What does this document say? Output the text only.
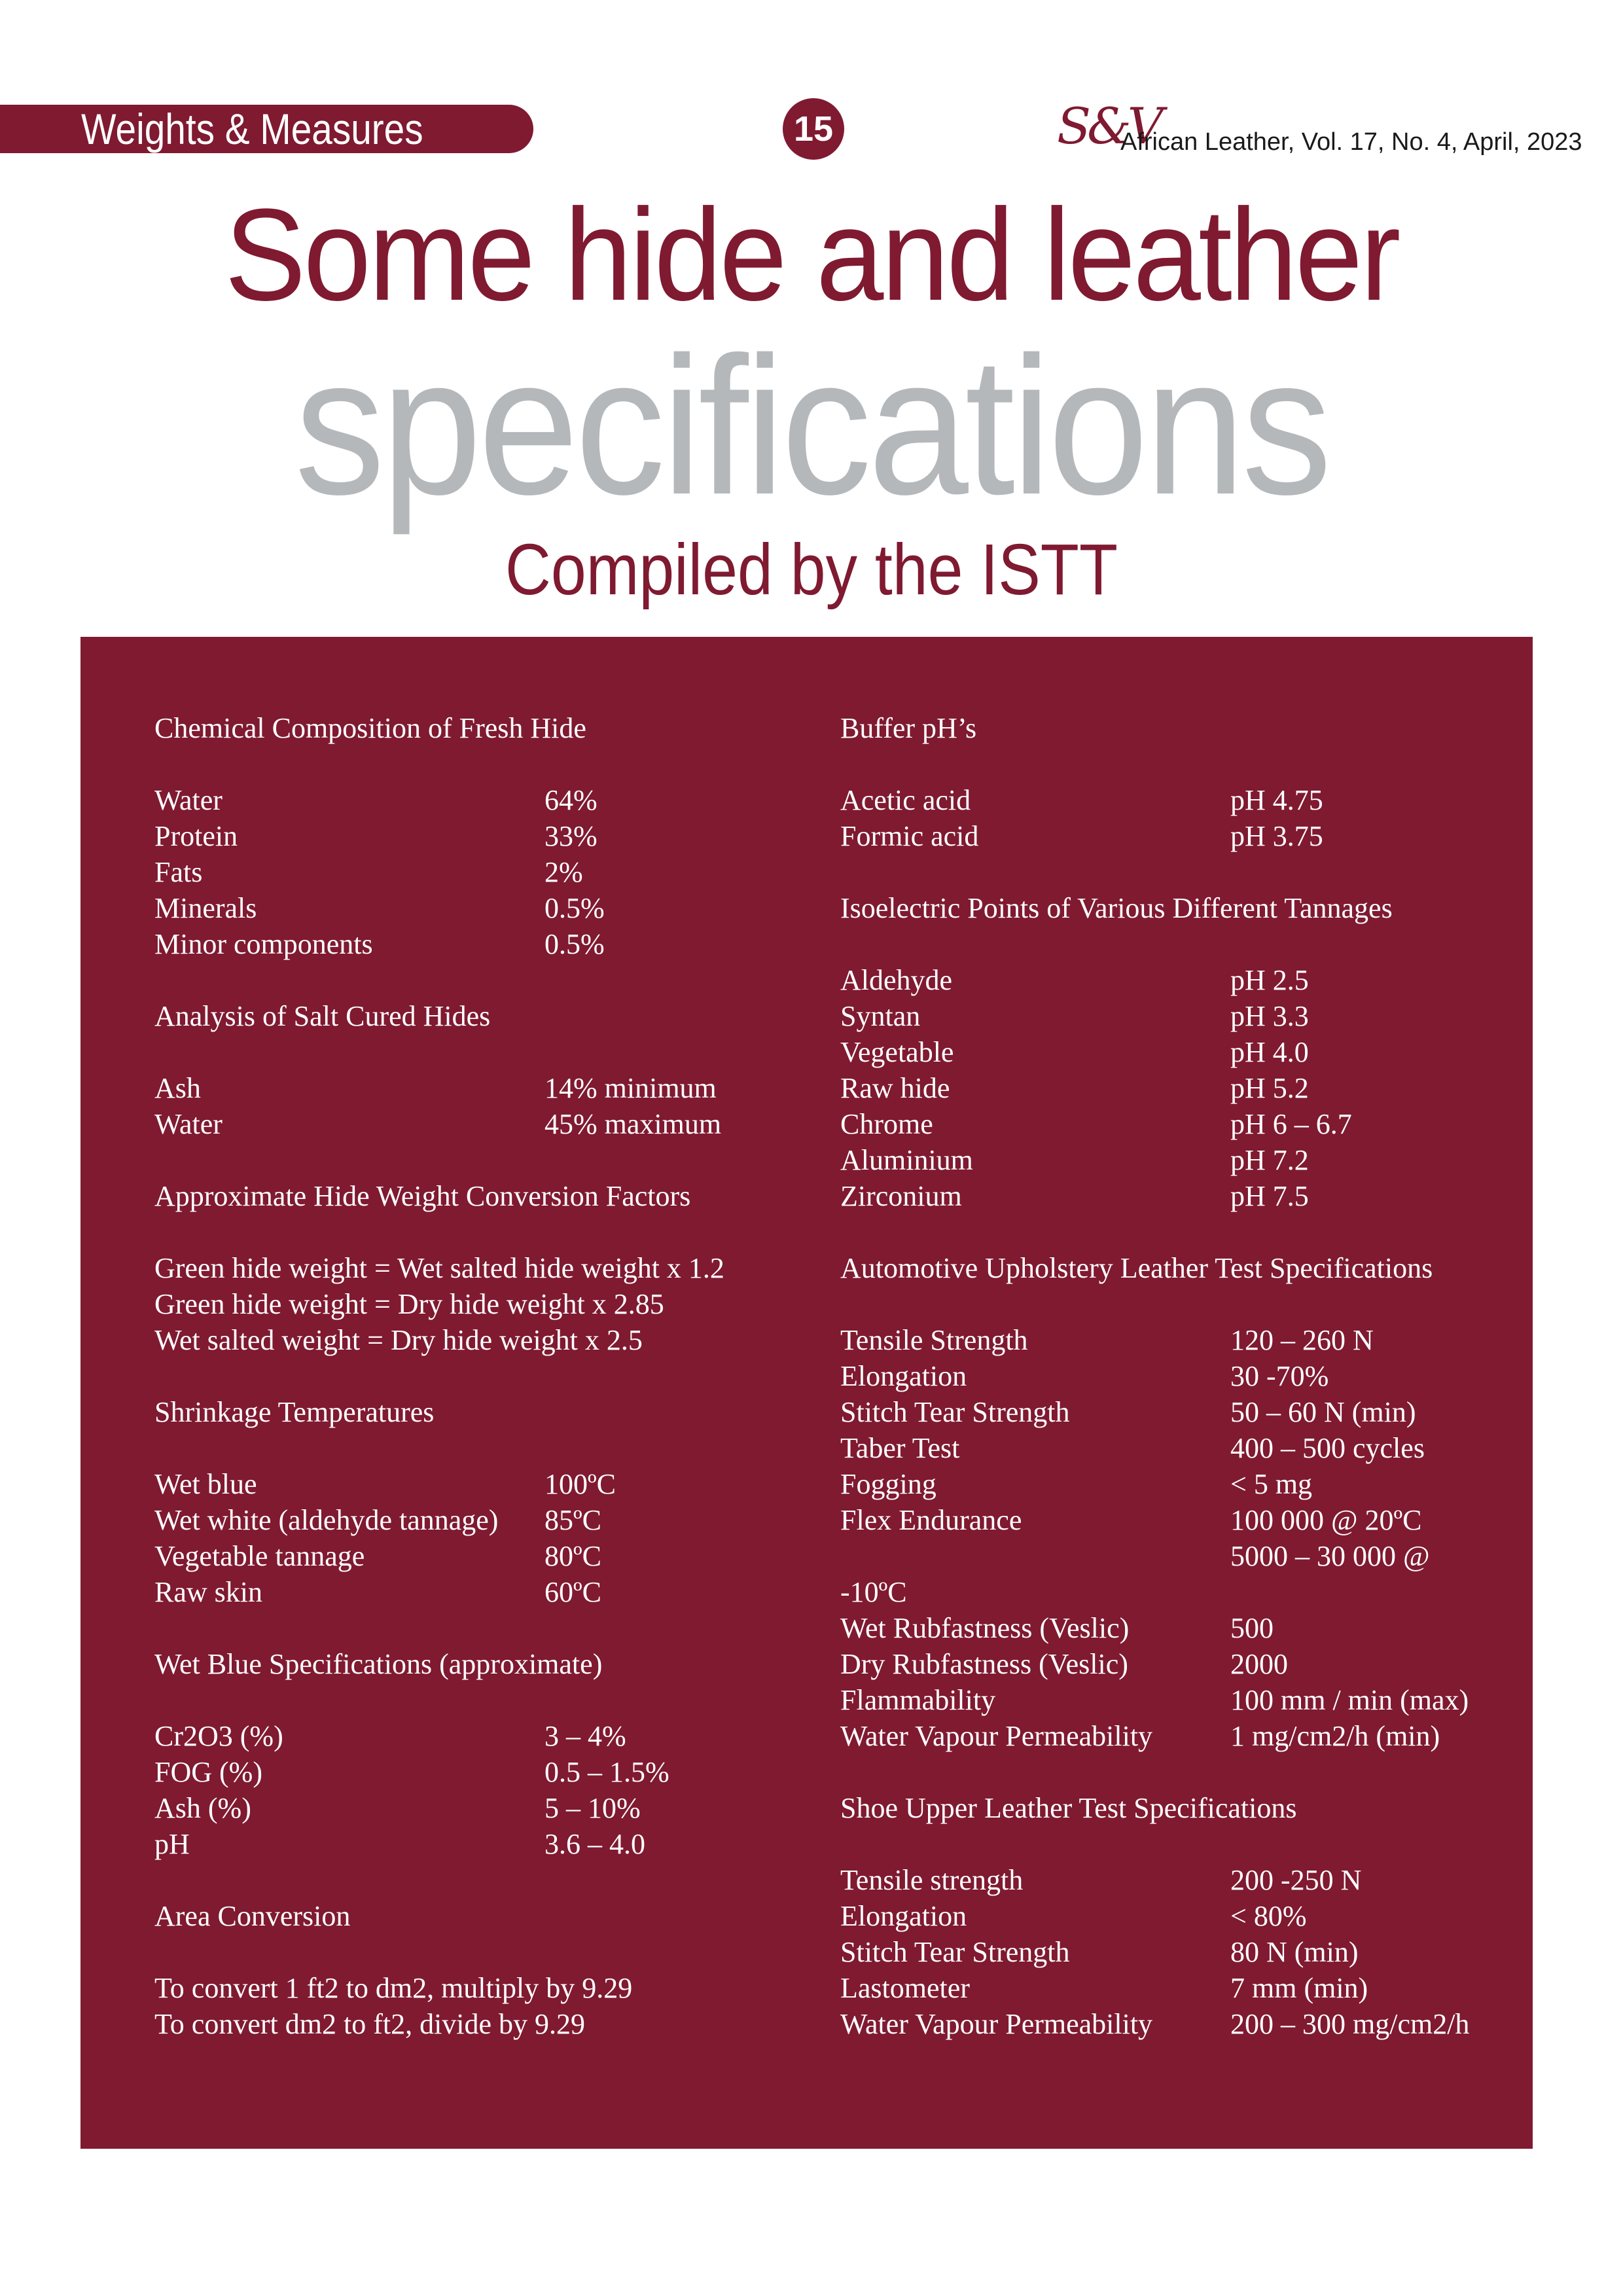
Weights & Measures	15	S&V
African Leather, Vol. 17, No. 4, April, 2023
Some hide and leather
specifications
Compiled by the ISTT
Chemical Composition of Fresh Hide
Water	64%
Protein	33%
Fats	2%
Minerals	0.5%
Minor components	0.5%
Analysis of Salt Cured Hides
Ash	14% minimum
Water	45% maximum
Approximate Hide Weight Conversion Factors
Green hide weight = Wet salted hide weight x 1.2
Green hide weight = Dry hide weight x 2.85
Wet salted weight = Dry hide weight x 2.5
Shrinkage Temperatures
Wet blue	100ºC
Wet white (aldehyde tannage) 85ºC
Vegetable tannage	80ºC
Raw skin	60ºC
Wet Blue Specifications (approximate)
Cr2O3 (%)	3 – 4%
FOG (%)	0.5 – 1.5%
Ash (%)	5 – 10%
pH	3.6 – 4.0
Area Conversion
To convert 1 ft2 to dm2, multiply by 9.29
To convert dm2 to ft2, divide by 9.29
Buffer pH’s
Acetic acid	pH 4.75
Formic acid	pH 3.75
Isoelectric Points of Various Different Tannages
Aldehyde	pH 2.5
Syntan	pH 3.3
Vegetable	pH 4.0
Raw hide	pH 5.2
Chrome	pH 6 – 6.7
Aluminium	pH 7.2
Zirconium	pH 7.5
Automotive Upholstery Leather Test Specifications
Tensile Strength	120 – 260 N
Elongation	30 -70%
Stitch Tear Strength	50 – 60 N (min)
Taber Test	400 – 500 cycles
Fogging	< 5 mg
Flex Endurance	100 000 @ 20ºC
5000 – 30 000 @
-10ºC
Wet Rubfastness (Veslic)	500
Dry Rubfastness (Veslic)	2000
Flammability	100 mm / min (max)
Water Vapour Permeability	1 mg/cm2/h (min)
Shoe Upper Leather Test Specifications
Tensile strength	200 -250 N
Elongation	< 80%
Stitch Tear Strength	80 N (min)
Lastometer	7 mm (min)
Water Vapour Permeability	200 – 300 mg/cm2/h
